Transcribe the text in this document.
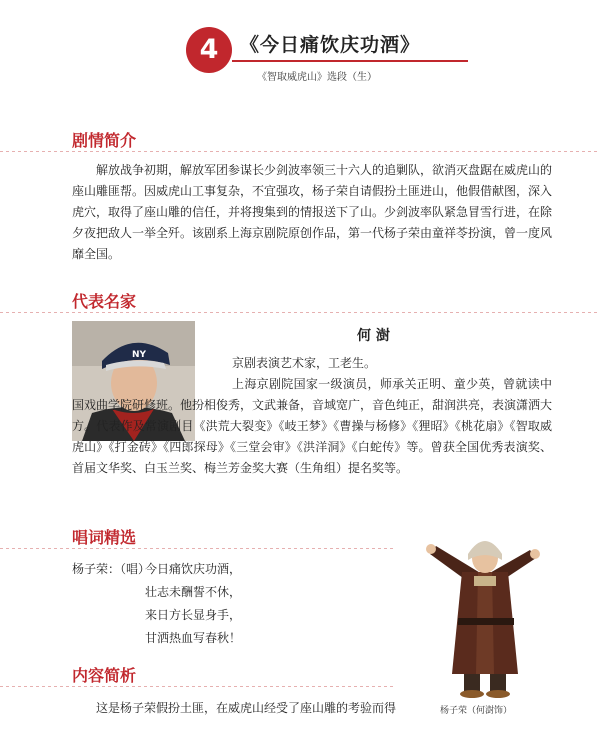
4	《今日痛饮庆功酒》
《智取威虎山》选段（生）
剧情简介
解放战争初期，解放军团参谋长少剑波率领三十六人的追剿队，欲消灭盘踞在威虎山的座山雕匪帮。因威虎山工事复杂，不宜强攻，杨子荣自请假扮土匪进山，他假借献图，深入虎穴，取得了座山雕的信任，并将搜集到的情报送下了山。少剑波率队紧急冒雪行进，在除夕夜把敌人一举全歼。该剧系上海京剧院原创作品，第一代杨子荣由童祥苓扮演，曾一度风靡全国。
代表名家
NY
何 澍
京剧表演艺术家，工老生。
上海京剧院国家一级演员，师承关正明、童少英，曾就读中国戏曲学院研修班。他扮相俊秀，文武兼备，音域宽广，音色纯正，甜润洪亮，表演潇洒大方。代表作及常演剧目《洪荒大裂变》《岐王梦》《曹操与杨修》《狸昭》《桃花扇》《智取威虎山》《打金砖》《四郎探母》《三堂会审》《洪洋洞》《白蛇传》等。曾获全国优秀表演奖、首届文华奖、白玉兰奖、梅兰芳金奖大赛（生角组）提名奖等。
唱词精选
杨子荣：（唱）
今日痛饮庆功酒，
壮志未酬誓不休，
来日方长显身手，
甘洒热血写春秋！
内容简析
这是杨子荣假扮土匪，在威虎山经受了座山雕的考验而得	杨子荣（何澍饰）
